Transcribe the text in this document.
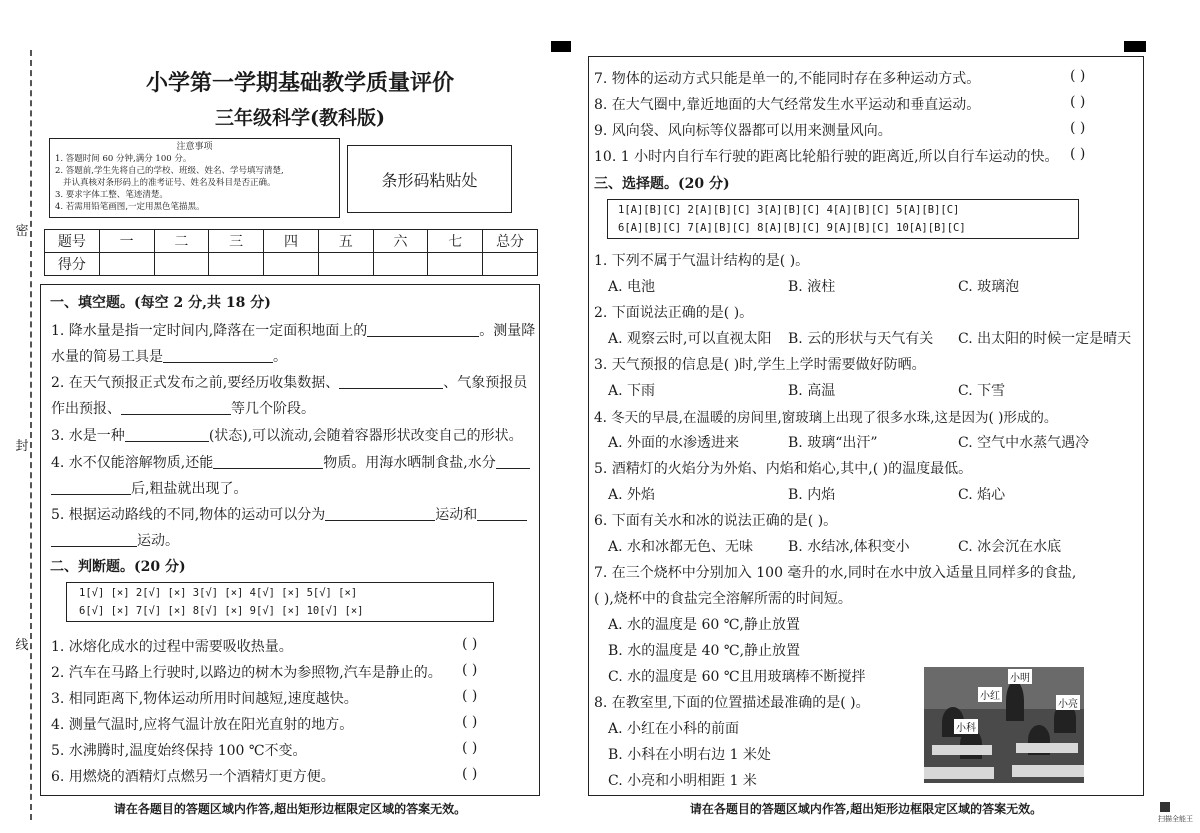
密
封
线
小学第一学期基础教学质量评价
三年级科学(教科版)
注意事项
1. 答题时间 60 分钟,满分 100 分。
2. 答题前,学生先将自己的学校、班级、姓名、学号填写清楚,
并认真核对条形码上的准考证号、姓名及科目是否正确。
3. 要求字体工整、笔迹清楚。
4. 若需用铅笔画图,一定用黑色笔描黑。
条形码粘贴处
题号	一	二	三	四	五	六	七	总分
得分								
一、填空题。(每空 2 分,共 18 分)
1. 降水量是指一定时间内,降落在一定面积地面上的	。测量降
水量的简易工具是	。
2. 在天气预报正式发布之前,要经历收集数据、	、气象预报员
作出预报、	等几个阶段。
3. 水是一种	(状态),可以流动,会随着容器形状改变自己的形状。
4. 水不仅能溶解物质,还能	物质。用海水晒制食盐,水分
后,粗盐就出现了。
5. 根据运动路线的不同,物体的运动可以分为	运动和
运动。
二、判断题。(20 分)
1[√] [×] 2[√] [×] 3[√] [×] 4[√] [×] 5[√] [×]
6[√] [×] 7[√] [×] 8[√] [×] 9[√] [×] 10[√] [×]
1. 冰熔化成水的过程中需要吸收热量。	( )
2. 汽车在马路上行驶时,以路边的树木为参照物,汽车是静止的。 ( )
3. 相同距离下,物体运动所用时间越短,速度越快。	( )
4. 测量气温时,应将气温计放在阳光直射的地方。	( )
5. 水沸腾时,温度始终保持 100 ℃不变。	( )
6. 用燃烧的酒精灯点燃另一个酒精灯更方便。	( )
请在各题目的答题区域内作答,超出矩形边框限定区域的答案无效。
7. 物体的运动方式只能是单一的,不能同时存在多种运动方式。	( )
8. 在大气圈中,靠近地面的大气经常发生水平运动和垂直运动。	( )
9. 风向袋、风向标等仪器都可以用来测量风向。	( )
10. 1 小时内自行车行驶的距离比轮船行驶的距离近,所以自行车运动的快。 ( )
三、选择题。(20 分)
1[A][B][C] 2[A][B][C] 3[A][B][C] 4[A][B][C] 5[A][B][C]
6[A][B][C] 7[A][B][C] 8[A][B][C] 9[A][B][C] 10[A][B][C]
1. 下列不属于气温计结构的是( )。
A. 电池	B. 液柱	C. 玻璃泡
2. 下面说法正确的是( )。
A. 观察云时,可以直视太阳 B. 云的形状与天气有关 C. 出太阳的时候一定是晴天
3. 天气预报的信息是( )时,学生上学时需要做好防晒。
A. 下雨	B. 高温	C. 下雪
4. 冬天的早晨,在温暖的房间里,窗玻璃上出现了很多水珠,这是因为( )形成的。
A. 外面的水渗透进来	B. 玻璃“出汗”	C. 空气中水蒸气遇冷
5. 酒精灯的火焰分为外焰、内焰和焰心,其中,( )的温度最低。
A. 外焰	B. 内焰	C. 焰心
6. 下面有关水和冰的说法正确的是( )。
A. 水和冰都无色、无味 B. 水结冰,体积变小	C. 冰会沉在水底
7. 在三个烧杯中分别加入 100 毫升的水,同时在水中放入适量且同样多的食盐,
( ),烧杯中的食盐完全溶解所需的时间短。
A. 水的温度是 60 ℃,静止放置
B. 水的温度是 40 ℃,静止放置
C. 水的温度是 60 ℃且用玻璃棒不断搅拌
8. 在教室里,下面的位置描述最准确的是( )。
A. 小红在小科的前面
B. 小科在小明右边 1 米处
C. 小亮和小明相距 1 米
小明
小红
小亮
小科
请在各题目的答题区域内作答,超出矩形边框限定区域的答案无效。
扫描全能王
